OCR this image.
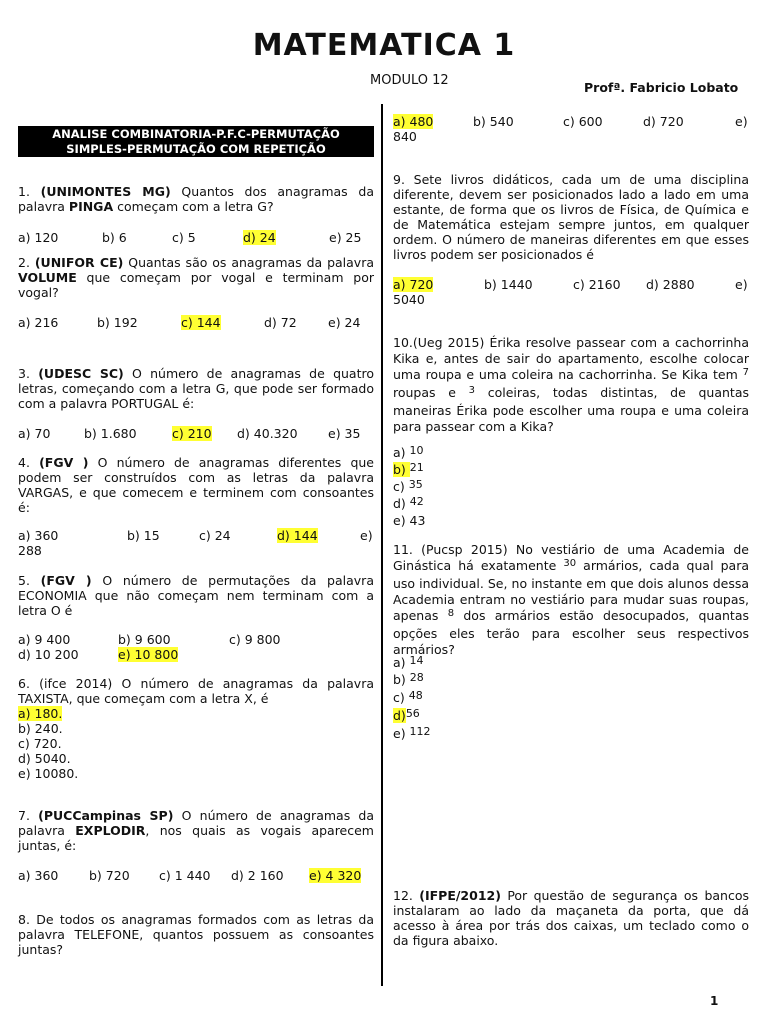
MATEMATICA 1
MODULO 12	Profª. Fabricio Lobato
ANALISE COMBINATORIA-P.F.C-PERMUTAÇÃO
SIMPLES-PERMUTAÇÃO COM REPETIÇÃO
1. (UNIMONTES MG) Quantos dos anagramas da palavra PINGA começam com a letra G?
a) 120	b) 6	c) 5	d) 24	e) 25
2. (UNIFOR CE) Quantas são os anagramas da palavra VOLUME que começam por vogal e terminam por vogal?
a) 216	b) 192	c) 144	d) 72	e) 24
3. (UDESC SC) O número de anagramas de quatro letras, começando com a letra G, que pode ser formado com a palavra PORTUGAL é:
a) 70	b) 1.680	c) 210 d) 40.320 e) 35
4. (FGV ) O número de anagramas diferentes que podem ser construídos com as letras da palavra VARGAS, e que comecem e terminem com consoantes é:
a) 360	b) 15	c) 24	d) 144	e)
288
5. (FGV ) O número de permutações da palavra ECONOMIA que não começam nem terminam com a letra O é
a) 9 400	b) 9 600	c) 9 800
d) 10 200	e) 10 800
6. (ifce 2014) O número de anagramas da palavra TAXISTA, que começam com a letra X, é
a) 180.
b) 240.
c) 720.
d) 5040.
e) 10080.
7. (PUCCampinas SP) O número de anagramas da palavra EXPLODIR, nos quais as vogais aparecem juntas, é:
a) 360 b) 720 c) 1 440 d) 2 160 e) 4 320
8. De todos os anagramas formados com as letras da palavra TELEFONE, quantos possuem as consoantes juntas?
a) 480	b) 540	c) 600	d) 720	e)
840
9. Sete livros didáticos, cada um de uma disciplina diferente, devem ser posicionados lado a lado em uma estante, de forma que os livros de Física, de Química e de Matemática estejam sempre juntos, em qualquer ordem. O número de maneiras diferentes em que esses livros podem ser posicionados é
a) 720	b) 1440	c) 2160 d) 2880	e)
5040
10.(Ueg 2015) Érika resolve passear com a cachorrinha Kika e, antes de sair do apartamento, escolhe colocar uma roupa e uma coleira na cachorrinha. Se Kika tem $^7$ roupas e $^3$ coleiras, todas distintas, de quantas maneiras Érika pode escolher uma roupa e uma coleira para passear com a Kika?
a) 10
b) 21
c) 35
d) 42
e) 43
11. (Pucsp 2015) No vestiário de uma Academia de Ginástica há exatamente $^{30}$ armários, cada qual para uso individual. Se, no instante em que dois alunos dessa Academia entram no vestiário para mudar suas roupas, apenas $^8$ dos armários estão desocupados, quantas opções eles terão para escolher seus respectivos armários?
a) 14
b) 28
c) 48
d)56
e) 112
12. (IFPE/2012) Por questão de segurança os bancos instalaram ao lado da maçaneta da porta, que dá acesso à área por trás dos caixas, um teclado como o da figura abaixo.
1
